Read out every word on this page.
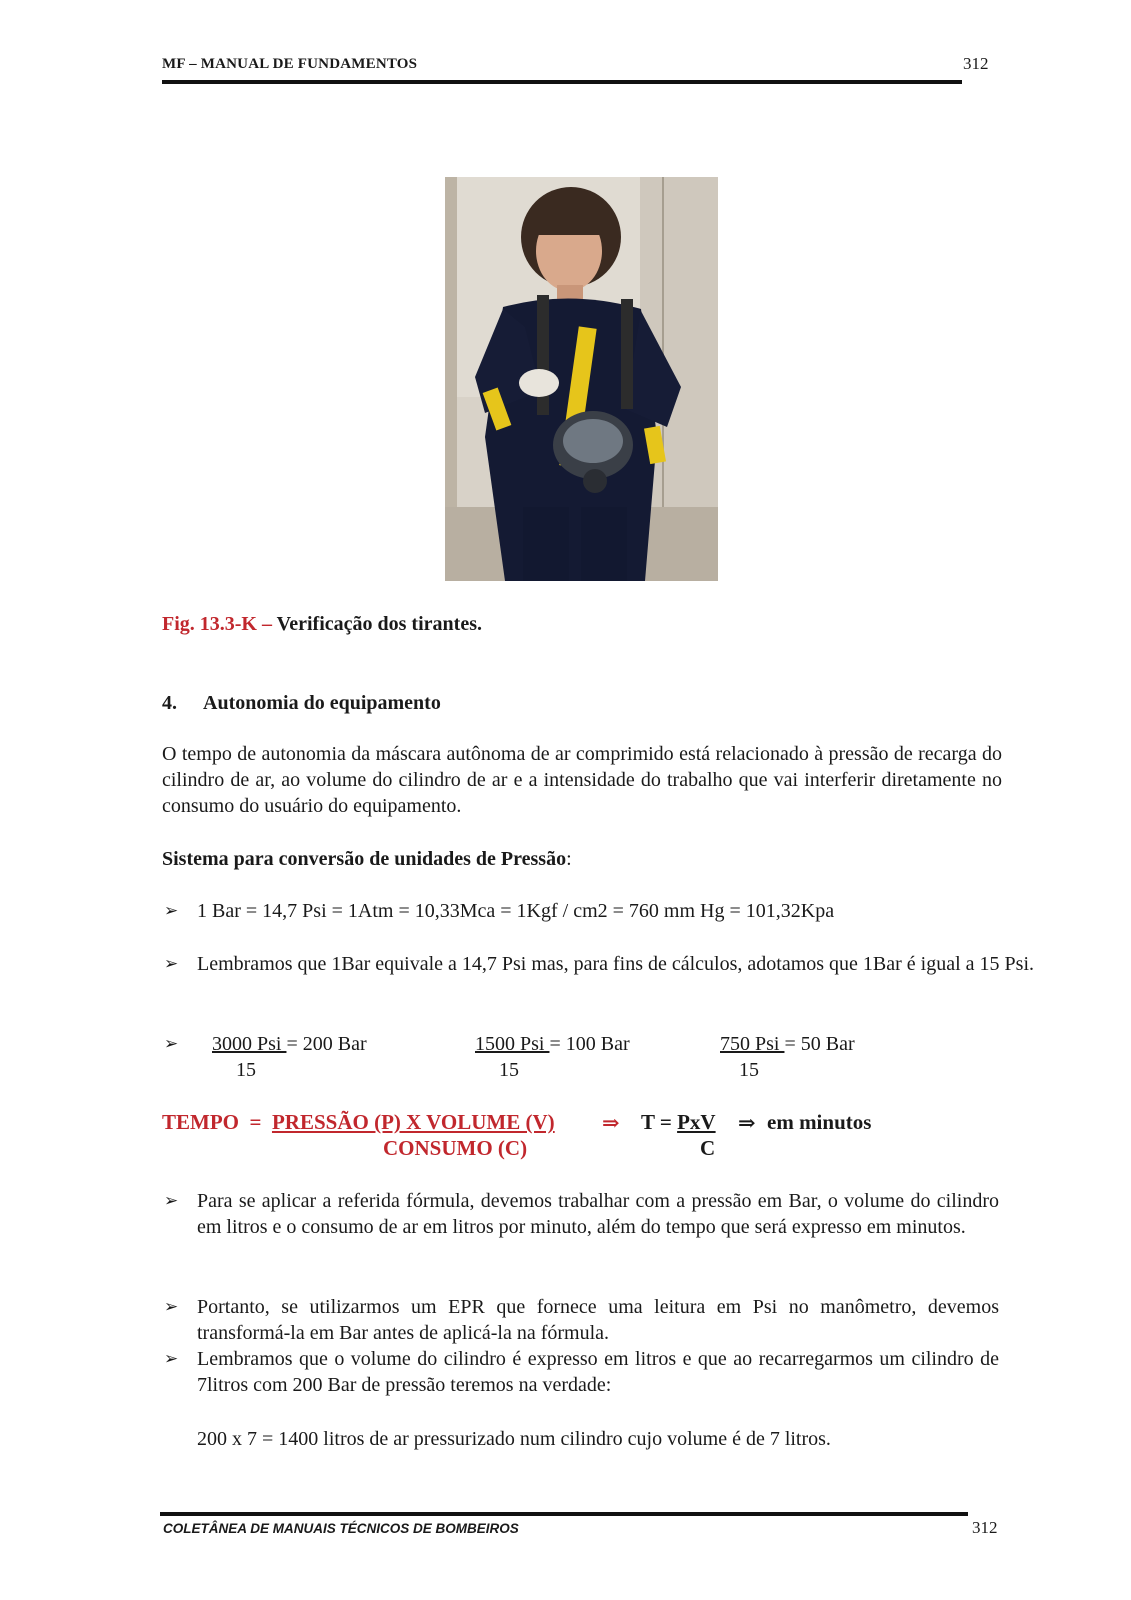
MF – MANUAL DE FUNDAMENTOS	312
Fig. 13.3-K – Verificação dos tirantes.
4. Autonomia do equipamento
O tempo de autonomia da máscara autônoma de ar comprimido está relacionado à pressão de recarga do cilindro de ar, ao volume do cilindro de ar e a intensidade do trabalho que vai interferir diretamente no consumo do usuário do equipamento.
Sistema para conversão de unidades de Pressão:
➢ 1 Bar = 14,7 Psi = 1Atm = 10,33Mca = 1Kgf / cm2 = 760 mm Hg = 101,32Kpa
➢ Lembramos que 1Bar equivale a 14,7 Psi mas, para fins de cálculos, adotamos que 1Bar é igual a 15 Psi.
➢ 3000 Psi = 200 Bar
15
1500 Psi = 100 Bar
15
750 Psi = 50 Bar
15
TEMPO  =  PRESSÃO (P) X VOLUME (V) ⇒ T = PxV ⇒ em minutos
CONSUMO (C)	C
➢ Para se aplicar a referida fórmula, devemos trabalhar com a pressão em Bar, o volume do cilindro em litros e o consumo de ar em litros por minuto, além do tempo que será expresso em minutos.
➢ Portanto, se utilizarmos um EPR que fornece uma leitura em Psi no manômetro, devemos transformá-la em Bar antes de aplicá-la na fórmula.
➢ Lembramos que o volume do cilindro é expresso em litros e que ao recarregarmos um cilindro de 7litros com 200 Bar de pressão teremos na verdade:
200 x 7 = 1400 litros de ar pressurizado num cilindro cujo volume é de 7 litros.
COLETÂNEA DE MANUAIS TÉCNICOS DE BOMBEIROS	312
